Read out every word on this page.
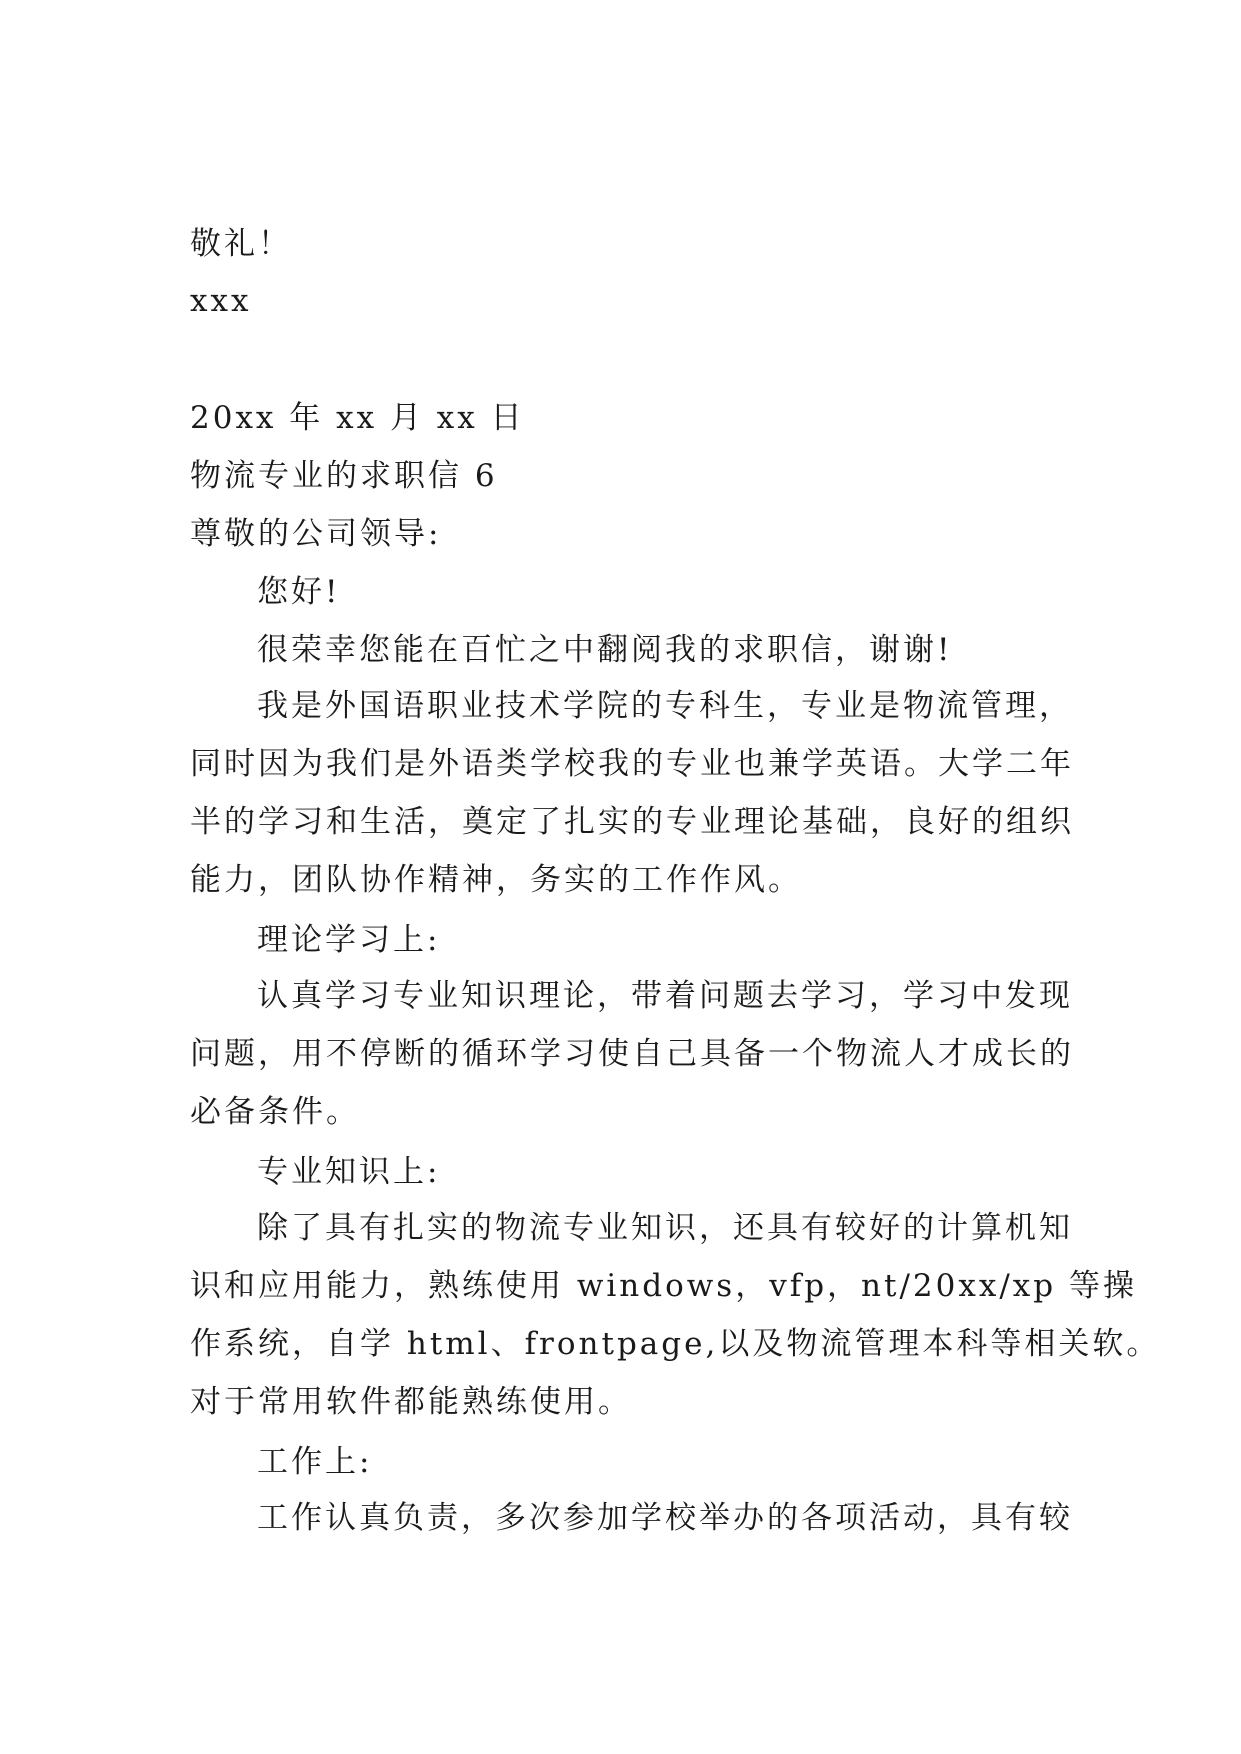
敬礼！
xxx
20xx 年 xx 月 xx 日
物流专业的求职信 6
尊敬的公司领导:
您好!
很荣幸您能在百忙之中翻阅我的求职信，谢谢!
我是外国语职业技术学院的专科生，专业是物流管理，
同时因为我们是外语类学校我的专业也兼学英语。大学二年
半的学习和生活，奠定了扎实的专业理论基础，良好的组织
能力，团队协作精神，务实的工作作风。
理论学习上:
认真学习专业知识理论，带着问题去学习，学习中发现
问题，用不停断的循环学习使自己具备一个物流人才成长的
必备条件。
专业知识上:
除了具有扎实的物流专业知识，还具有较好的计算机知
识和应用能力，熟练使用 windows，vfp，nt/20xx/xp 等操
作系统，自学 html、frontpage,以及物流管理本科等相关软。
对于常用软件都能熟练使用。
工作上:
工作认真负责，多次参加学校举办的各项活动，具有较
